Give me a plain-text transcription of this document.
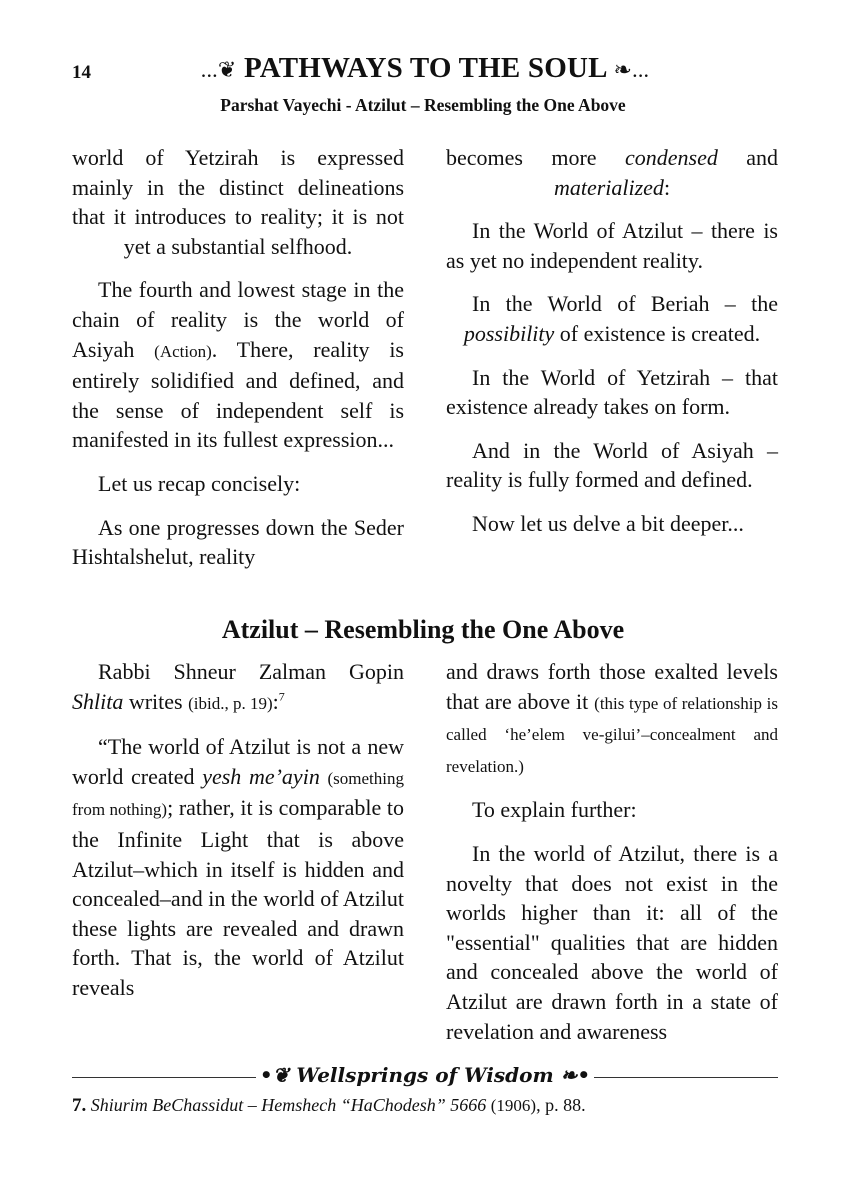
14	...❦ PATHWAYS TO THE SOUL ❧...
Parshat Vayechi - Atzilut – Resembling the One Above

world of Yetzirah is expressed mainly in the distinct delineations that it introduces to reality; it is not yet a substantial selfhood.

The fourth and lowest stage in the chain of reality is the world of Asiyah (Action). There, reality is entirely solidified and defined, and the sense of independent self is manifested in its fullest expression...

Let us recap concisely:

As one progresses down the Seder Hishtalshelut, reality

becomes more condensed and materialized:

In the World of Atzilut – there is as yet no independent reality.

In the World of Beriah – the possibility of existence is created.

In the World of Yetzirah – that existence already takes on form.

And in the World of Asiyah – reality is fully formed and defined.

Now let us delve a bit deeper...

Atzilut – Resembling the One Above

Rabbi Shneur Zalman Gopin Shlita writes (ibid., p. 19):$^7$

“The world of Atzilut is not a new world created yesh me’ayin (something from nothing); rather, it is comparable to the Infinite Light that is above Atzilut–which in itself is hidden and concealed–and in the world of Atzilut these lights are revealed and drawn forth. That is, the world of Atzilut reveals

and draws forth those exalted levels that are above it (this type of relationship is called ‘he’elem ve-gilui’–concealment and revelation.)

To explain further:

In the world of Atzilut, there is a novelty that does not exist in the worlds higher than it: all of the "essential" qualities that are hidden and concealed above the world of Atzilut are drawn forth in a state of revelation and awareness

•❦ Wellsprings of Wisdom ❧•
7. Shiurim BeChassidut – Hemshech “HaChodesh” 5666 (1906), p. 88.
